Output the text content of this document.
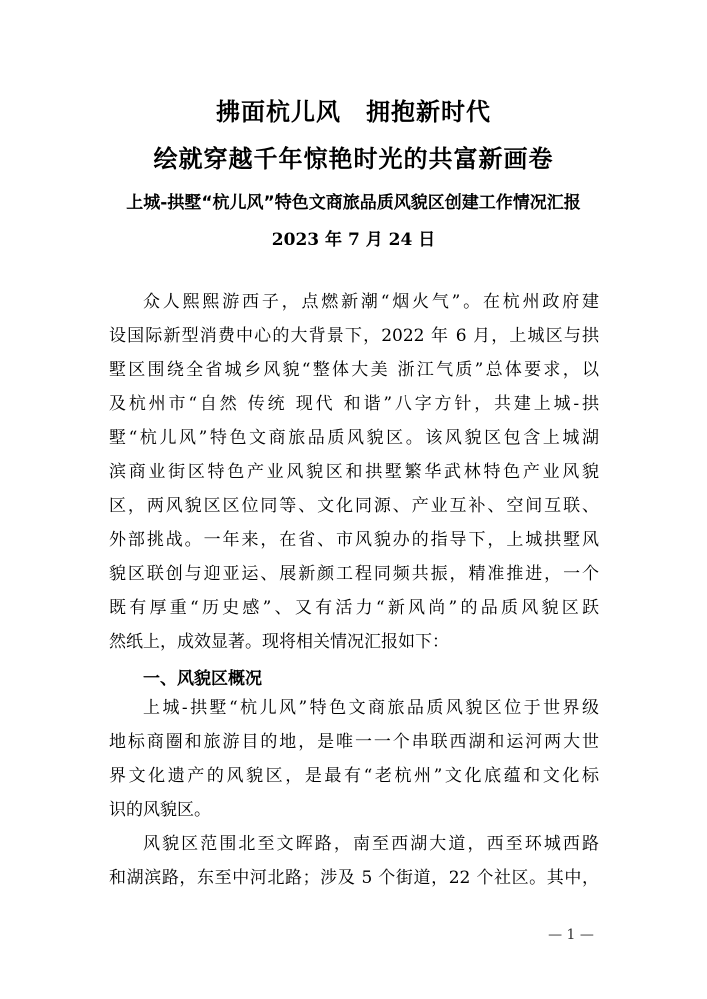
拂面杭儿风　拥抱新时代
绘就穿越千年惊艳时光的共富新画卷
上城-拱墅“杭儿风”特色文商旅品质风貌区创建工作情况汇报
2023 年 7 月 24 日
众人熙熙游西子，点燃新潮“烟火气”。在杭州政府建
设国际新型消费中心的大背景下，2022 年 6 月，上城区与拱
墅区围绕全省城乡风貌“整体大美 浙江气质”总体要求，以
及杭州市“自然 传统 现代 和谐”八字方针，共建上城-拱
墅“杭儿风”特色文商旅品质风貌区。该风貌区包含上城湖
滨商业街区特色产业风貌区和拱墅繁华武林特色产业风貌
区，两风貌区区位同等、文化同源、产业互补、空间互联、
外部挑战。一年来，在省、市风貌办的指导下，上城拱墅风
貌区联创与迎亚运、展新颜工程同频共振，精准推进，一个
既有厚重“历史感”、又有活力“新风尚”的品质风貌区跃
然纸上，成效显著。现将相关情况汇报如下：
一、风貌区概况
上城-拱墅“杭儿风”特色文商旅品质风貌区位于世界级
地标商圈和旅游目的地，是唯一一个串联西湖和运河两大世
界文化遗产的风貌区，是最有“老杭州”文化底蕴和文化标
识的风貌区。
风貌区范围北至文晖路，南至西湖大道，西至环城西路
和湖滨路，东至中河北路；涉及 5 个街道，22 个社区。其中，
— 1 —
